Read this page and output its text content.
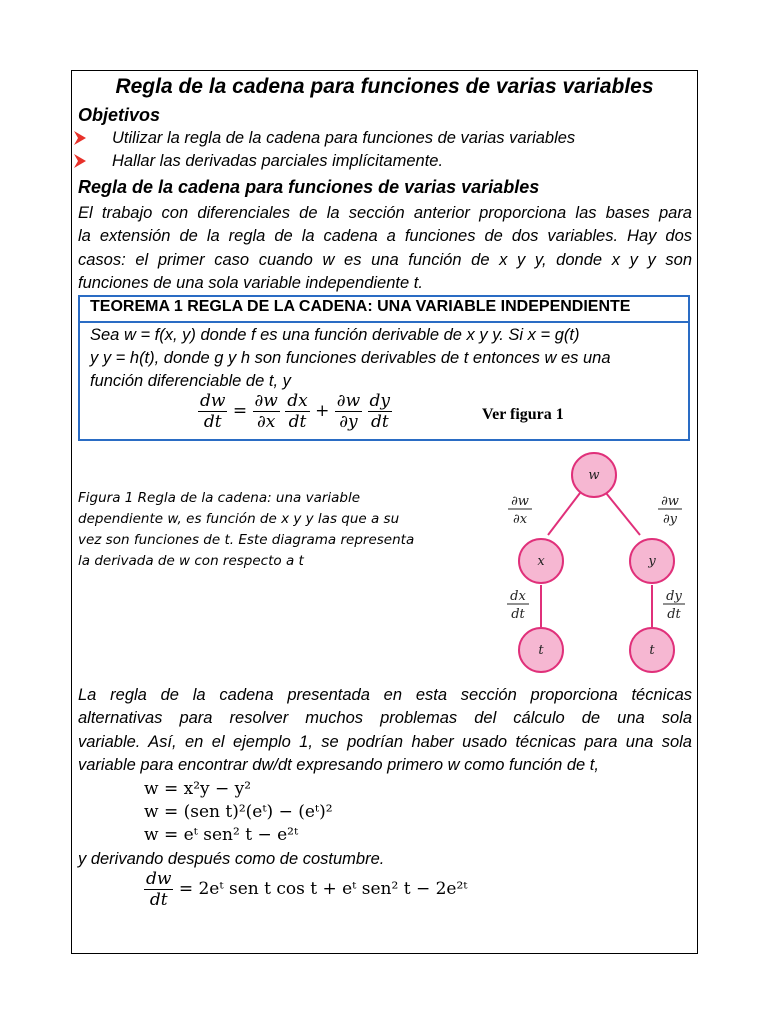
Regla de la cadena para funciones de varias variables
Objetivos
Utilizar la regla de la cadena para funciones de varias variables
Hallar las derivadas parciales implícitamente.
Regla de la cadena para funciones de varias variables
El trabajo con diferenciales de la sección anterior proporciona las bases para
la extensión de la regla de la cadena a funciones de dos variables. Hay dos
casos: el primer caso cuando w es una función de x y y, donde x y y son
funciones de una sola variable independiente t.
TEOREMA 1 REGLA DE LA CADENA: UNA VARIABLE INDEPENDIENTE
Sea w = f(x, y) donde f es una función derivable de x y y. Si x = g(t)
y y = h(t), donde g y h son funciones derivables de t entonces w es una
función diferenciable de t, y
$\frac{dw}{dt} = \frac{\partial w}{\partial x}$
$\frac{dx}{dt} + \frac{\partial w}{\partial y}$
$\frac{dy}{dt}$	Ver figura 1
Figura 1 Regla de la cadena: una variable
dependiente w, es función de x y y las que a su
vez son funciones de t. Este diagrama representa
la derivada de w con respecto a t
w
x	y
t	t
∂w
∂x
∂w
∂y
dx
dt
dy
dt
La regla de la cadena presentada en esta sección proporciona técnicas
alternativas para resolver muchos problemas del cálculo de una sola
variable. Así, en el ejemplo 1, se podrían haber usado técnicas para una sola
variable para encontrar dw/dt expresando primero w como función de t,
w = x²y − y²
w = (sen t)²(eᵗ) − (eᵗ)²
w = eᵗ sen² t − e²ᵗ
y derivando después como de costumbre.
$\frac{dw}{dt}$ = 2eᵗ sen t cos t + eᵗ sen² t − 2e²ᵗ
